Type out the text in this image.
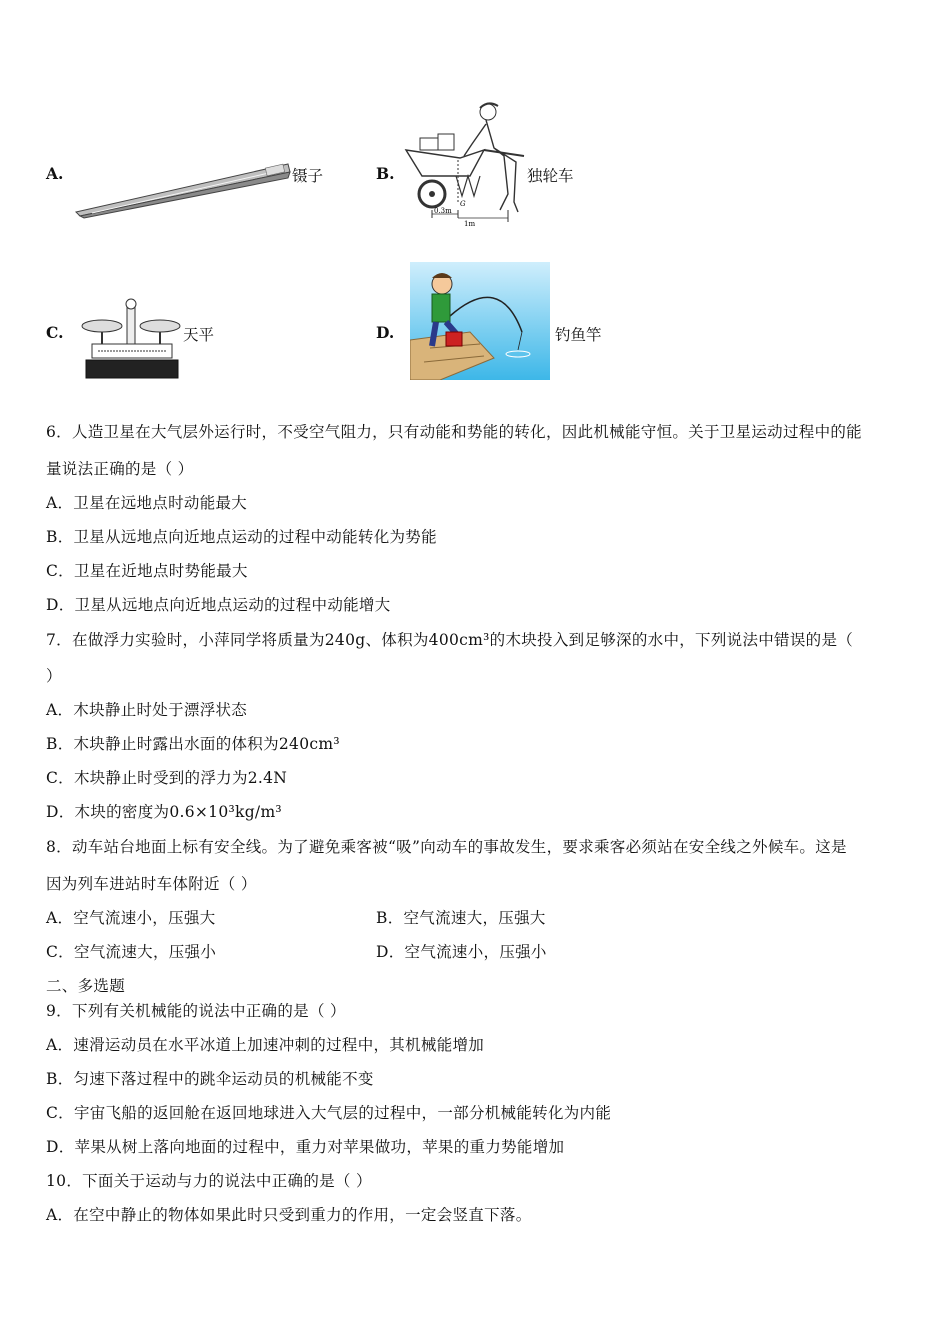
A.	镊子	B.
0.3m
1m
G
独轮车
C.	天平	D.	钓鱼竿
6．人造卫星在大气层外运行时，不受空气阻力，只有动能和势能的转化，因此机械能守恒。关于卫星运动过程中的能
量说法正确的是（ ）
A．卫星在远地点时动能最大
B．卫星从远地点向近地点运动的过程中动能转化为势能
C．卫星在近地点时势能最大
D．卫星从远地点向近地点运动的过程中动能增大
7．在做浮力实验时，小萍同学将质量为240g、体积为400cm³的木块投入到足够深的水中，下列说法中错误的是（
）
A．木块静止时处于漂浮状态
B．木块静止时露出水面的体积为240cm³
C．木块静止时受到的浮力为2.4N
D．木块的密度为0.6×10³kg/m³
8．动车站台地面上标有安全线。为了避免乘客被“吸”向动车的事故发生，要求乘客必须站在安全线之外候车。这是
因为列车进站时车体附近（ ）
A．空气流速小，压强大	B．空气流速大，压强大
C．空气流速大，压强小	D．空气流速小，压强小
二、多选题
9．下列有关机械能的说法中正确的是（ ）
A．速滑运动员在水平冰道上加速冲刺的过程中，其机械能增加
B．匀速下落过程中的跳伞运动员的机械能不变
C．宇宙飞船的返回舱在返回地球进入大气层的过程中，一部分机械能转化为内能
D．苹果从树上落向地面的过程中，重力对苹果做功，苹果的重力势能增加
10．下面关于运动与力的说法中正确的是（ ）
A．在空中静止的物体如果此时只受到重力的作用，一定会竖直下落。
